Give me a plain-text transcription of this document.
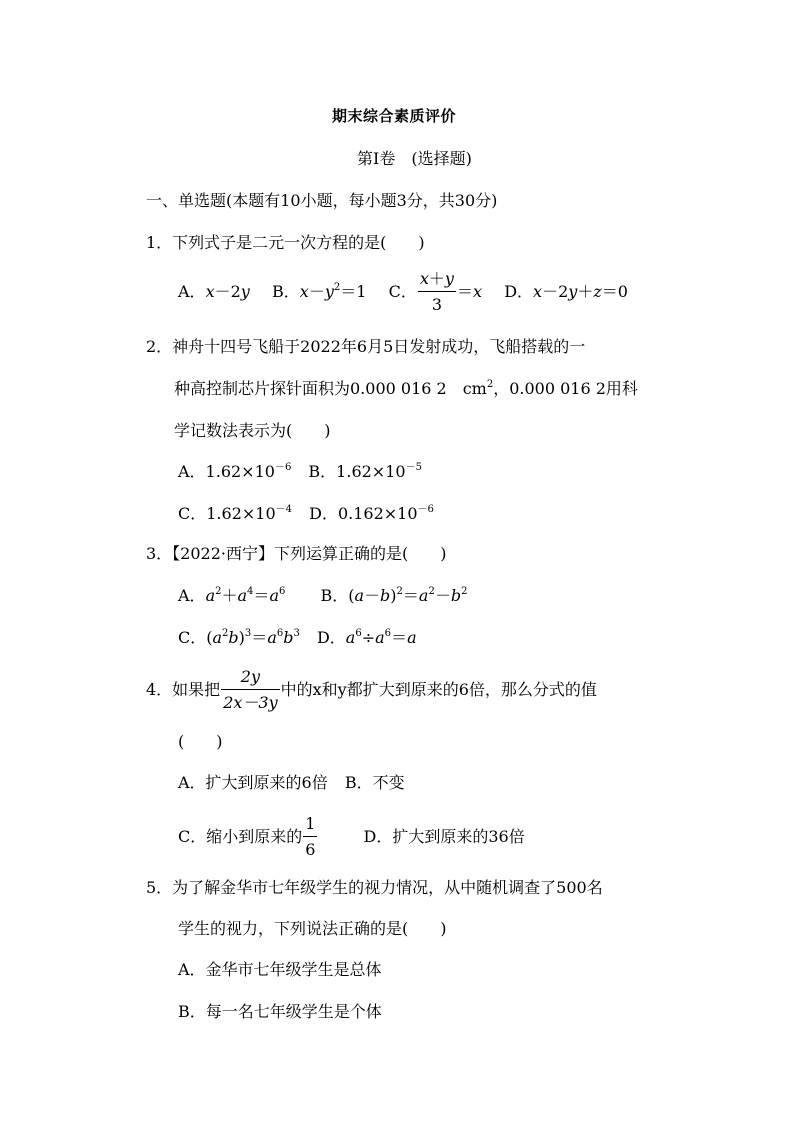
期末综合素质评价
第Ⅰ卷　(选择题)
一、单选题(本题有10小题，每小题3分，共30分)
1．下列式子是二元一次方程的是(　　)
A．x－2y B．$x-y^2=1$  C． $\frac{x+y}{3} =x$ D．x－2y＋z＝0
2．神舟十四号飞船于2022年6月5日发射成功，飞船搭载的一
种高控制芯片探针面积为0.000 016 2　$cm^2$，0.000 016 2用科
学记数法表示为(　　)
A．$1.62\times 10^{-6}$ B．$1.62\times 10^{-5}$
C．$1.62\times 10^{-4}$ D．$0.162\times 10^{-6}$
3．【2022·西宁】下列运算正确的是(　　)
A．$a^2+a^4=a^6$ B．$(a-b)^2=a^2-b^2$
C．$(a^2b)^3=a^6b^3$ D．$a^6\div a^6=a$
4．如果把 $\frac{2y}{2x-3y}$ 中的x和y都扩大到原来的6倍，那么分式的值
(　　)
A．扩大到原来的6倍 B．不变
C．缩小到原来的 $\frac{1}{6}$	D．扩大到原来的36倍
5．为了解金华市七年级学生的视力情况，从中随机调查了500名
学生的视力，下列说法正确的是(　　)
A．金华市七年级学生是总体
B．每一名七年级学生是个体
